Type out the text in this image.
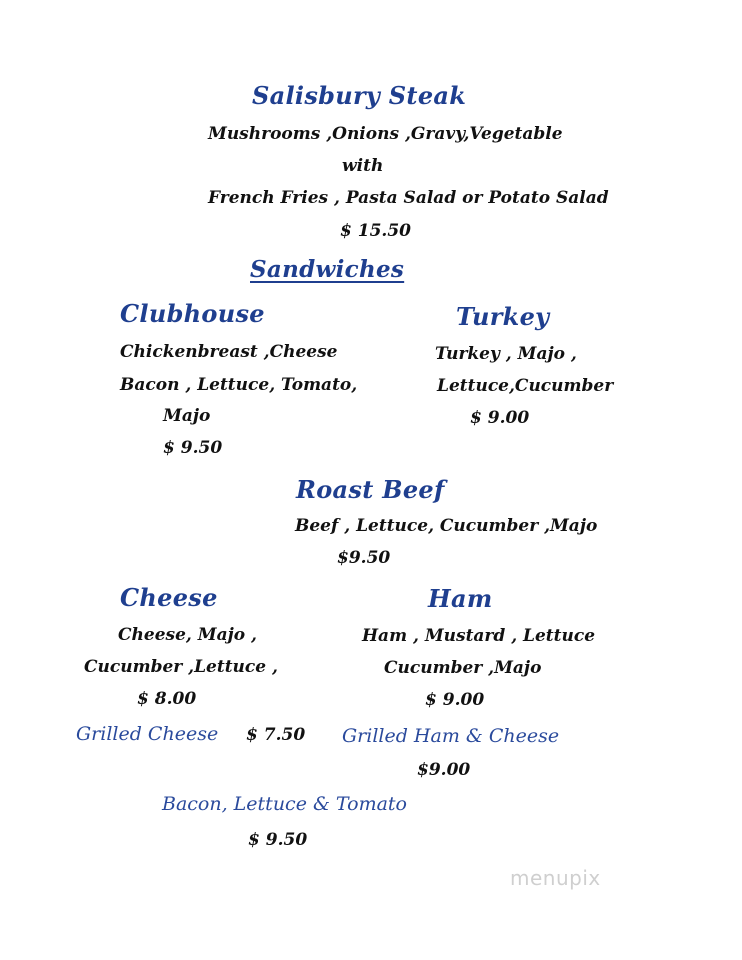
Salisbury Steak
Mushrooms ,Onions ,Gravy,Vegetable
with
French Fries , Pasta Salad or Potato Salad
$ 15.50
Sandwiches
Clubhouse
Chickenbreast ,Cheese
Bacon , Lettuce, Tomato,
Majo
$ 9.50
Turkey
Turkey , Majo ,
Lettuce,Cucumber
$ 9.00
Roast Beef
Beef , Lettuce, Cucumber ,Majo
$9.50
Cheese
Cheese, Majo ,
Cucumber ,Lettuce ,
$ 8.00
Ham
Ham , Mustard , Lettuce
Cucumber ,Majo
$ 9.00
Grilled Cheese $ 7.50 Grilled Ham & Cheese
$9.00
Bacon, Lettuce & Tomato
$ 9.50
menupix
